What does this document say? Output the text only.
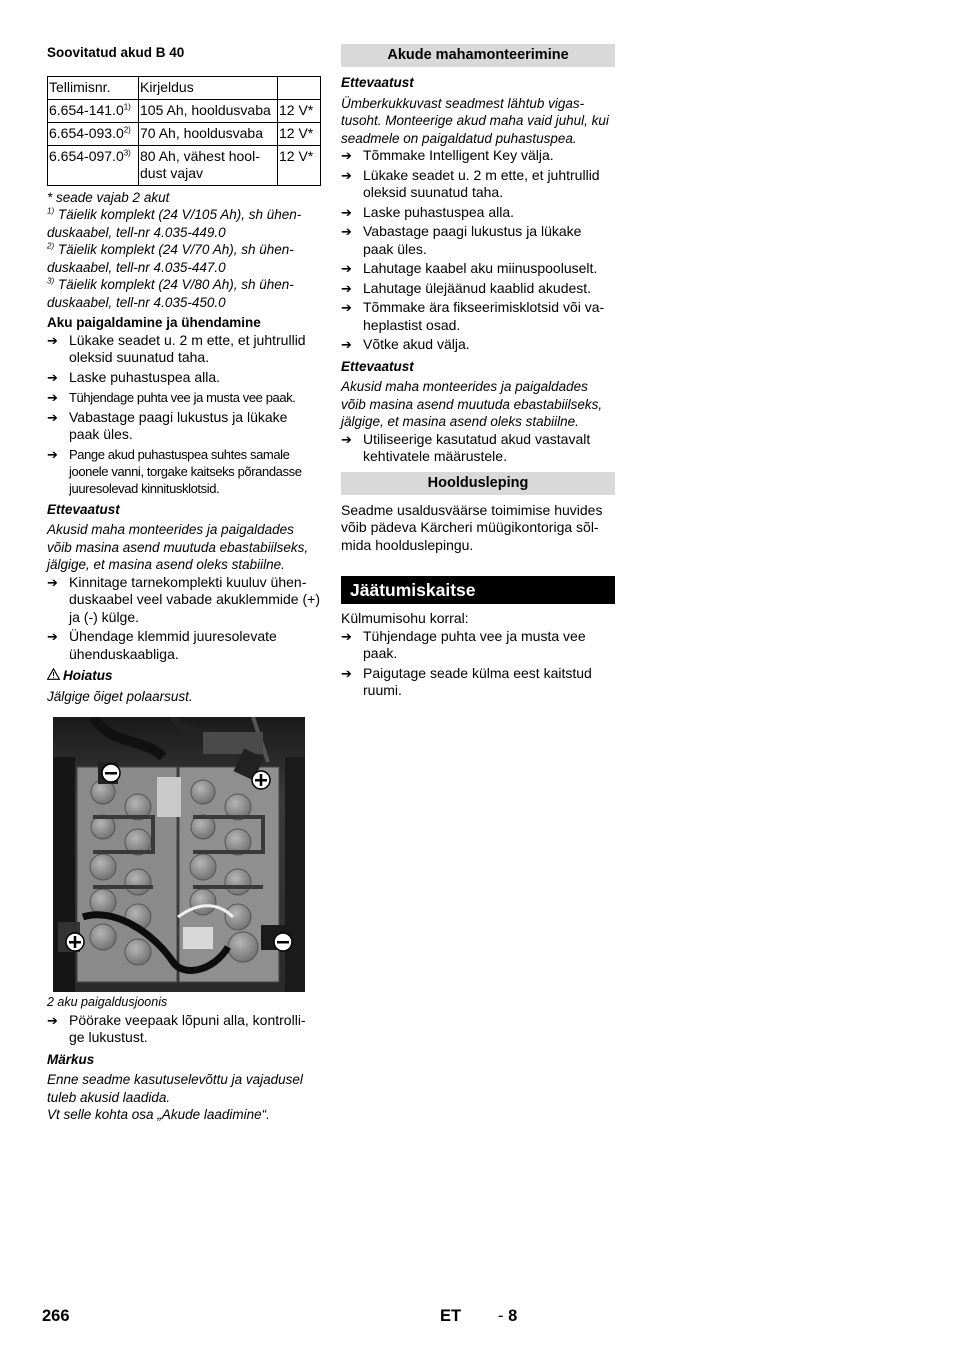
Soovitatud akud B 40

Tellimisnr.	Kirjeldus	
6.654-141.0$^{1)}$	105 Ah, hooldusvaba	12 V*
6.654-093.0$^{2)}$	70 Ah, hooldusvaba	12 V*
6.654-097.0$^{3)}$	80 Ah, vähest hool-dust vajav	12 V*

* seade vajab 2 akut

$^{1)}$ Täielik komplekt (24 V/105 Ah), sh ühen-duskaabel, tell-nr 4.035-449.0

$^{2)}$ Täielik komplekt (24 V/70 Ah), sh ühen-duskaabel, tell-nr 4.035-447.0

$^{3)}$ Täielik komplekt (24 V/80 Ah), sh ühen-duskaabel, tell-nr 4.035-450.0

Aku paigaldamine ja ühendamine

➔ Lükake seadet u. 2 m ette, et juhtrullid oleksid suunatud taha.
➔ Laske puhastuspea alla.
➔ Tühjendage puhta vee ja musta vee paak.
➔ Vabastage paagi lukustus ja lükake paak üles.
➔ Pange akud puhastuspea suhtes samale joonele vanni, torgake kaitseks põrandasse juuresolevad kinnitusklotsid.

Ettevaatust

Akusid maha monteerides ja paigaldades võib masina asend muutuda ebastabiilseks, jälgige, et masina asend oleks stabiilne.

➔ Kinnitage tarnekomplekti kuuluv ühen-duskaabel veel vabade akuklemmide (+) ja (-) külge.
➔ Ühendage klemmid juuresolevate ühenduskaabliga.

Hoiatus

Jälgige õiget polaarsust.

2 aku paigaldusjoonis

➔ Pöörake veepaak lõpuni alla, kontrolli-ge lukustust.

Märkus

Enne seadme kasutuselevõttu ja vajadusel tuleb akusid laadida.

Vt selle kohta osa „Akude laadimine“.

Akude mahamonteerimine

Ettevaatust

Ümberkukkuvast seadmest lähtub vigas-tusoht. Monteerige akud maha vaid juhul, kui seadmele on paigaldatud puhastuspea.

➔ Tõmmake Intelligent Key välja.
➔ Lükake seadet u. 2 m ette, et juhtrullid oleksid suunatud taha.
➔ Laske puhastuspea alla.
➔ Vabastage paagi lukustus ja lükake paak üles.
➔ Lahutage kaabel aku miinuspooluselt.
➔ Lahutage ülejäänud kaablid akudest.
➔ Tõmmake ära fikseerimisklotsid või va-heplastist osad.
➔ Võtke akud välja.

Ettevaatust

Akusid maha monteerides ja paigaldades võib masina asend muutuda ebastabiilseks, jälgige, et masina asend oleks stabiilne.

➔ Utiliseerige kasutatud akud vastavalt kehtivatele määrustele.
Hooldusleping

Seadme usaldusväärse toimimise huvides võib pädeva Kärcheri müügikontoriga sõl-mida hoolduslepingu.

Jäätumiskaitse

Külmumisohu korral:

➔ Tühjendage puhta vee ja musta vee paak.
➔ Paigutage seade külma eest kaitstud ruumi.
266	ET - 8
